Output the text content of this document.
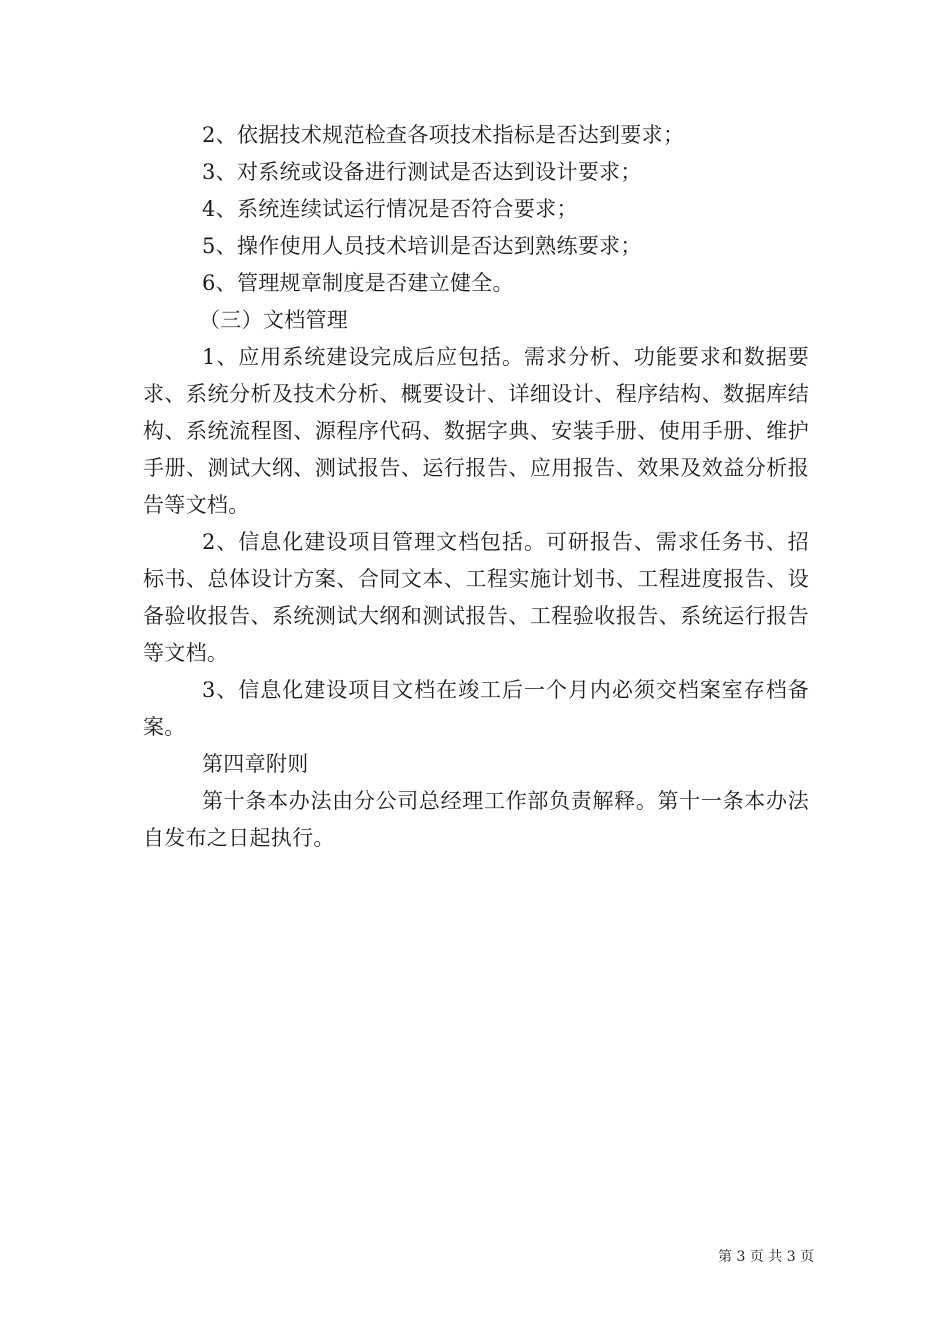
2、依据技术规范检查各项技术指标是否达到要求；

3、对系统或设备进行测试是否达到设计要求；

4、系统连续试运行情况是否符合要求；

5、操作使用人员技术培训是否达到熟练要求；

6、管理规章制度是否建立健全。

（三）文档管理

1、应用系统建设完成后应包括。需求分析、功能要求和数据要求、系统分析及技术分析、概要设计、详细设计、程序结构、数据库结构、系统流程图、源程序代码、数据字典、安装手册、使用手册、维护手册、测试大纲、测试报告、运行报告、应用报告、效果及效益分析报告等文档。

2、信息化建设项目管理文档包括。可研报告、需求任务书、招标书、总体设计方案、合同文本、工程实施计划书、工程进度报告、设备验收报告、系统测试大纲和测试报告、工程验收报告、系统运行报告等文档。

3、信息化建设项目文档在竣工后一个月内必须交档案室存档备案。

第四章附则

第十条本办法由分公司总经理工作部负责解释。第十一条本办法自发布之日起执行。

第 3 页 共 3 页
